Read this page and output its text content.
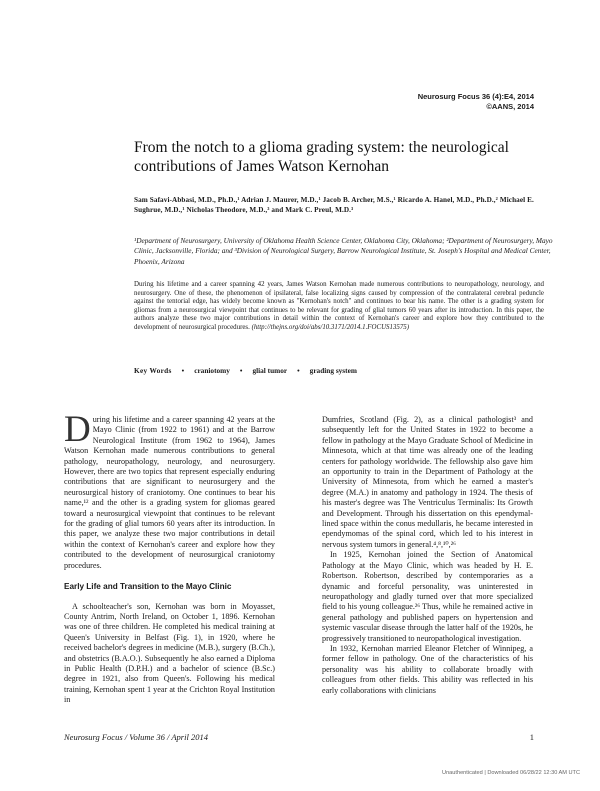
Neurosurg Focus 36 (4):E4, 2014
©AANS, 2014
From the notch to a glioma grading system: the neurological contributions of James Watson Kernohan
Sam Safavi-Abbasi, M.D., Ph.D.,¹ Adrian J. Maurer, M.D.,¹ Jacob B. Archer, M.S.,¹ Ricardo A. Hanel, M.D., Ph.D.,² Michael E. Sughrue, M.D.,¹ Nicholas Theodore, M.D.,³ and Mark C. Preul, M.D.³
¹Department of Neurosurgery, University of Oklahoma Health Science Center, Oklahoma City, Oklahoma; ²Department of Neurosurgery, Mayo Clinic, Jacksonville, Florida; and ³Division of Neurological Surgery, Barrow Neurological Institute, St. Joseph's Hospital and Medical Center, Phoenix, Arizona
During his lifetime and a career spanning 42 years, James Watson Kernohan made numerous contributions to neuropathology, neurology, and neurosurgery. One of these, the phenomenon of ipsilateral, false localizing signs caused by compression of the contralateral cerebral peduncle against the tentorial edge, has widely become known as "Kernohan's notch" and continues to bear his name. The other is a grading system for gliomas from a neurosurgical viewpoint that continues to be relevant for grading of glial tumors 60 years after its introduction. In this paper, the authors analyze these two major contributions in detail within the context of Kernohan's career and explore how they contributed to the development of neurosurgical procedures. (http://thejns.org/doi/abs/10.3171/2014.1.FOCUS13575)
Key Words • craniotomy • glial tumor • grading system

D uring his lifetime and a career spanning 42 years at the Mayo Clinic (from 1922 to 1961) and at the Barrow Neurological Institute (from 1962 to 1964), James Watson Kernohan made numerous contributions to general pathology, neuropathology, neurology, and neurosurgery. However, there are two topics that represent especially enduring contributions that are significant to neurosurgery and the neurosurgical history of craniotomy. One continues to bear his name,¹² and the other is a grading system for gliomas geared toward a neurosurgical viewpoint that continues to be relevant for the grading of glial tumors 60 years after its introduction. In this paper, we analyze these two major contributions in detail within the context of Kernohan's career and explore how they contributed to the development of neurosurgical craniotomy procedures.

Early Life and Transition to the Mayo Clinic

A schoolteacher's son, Kernohan was born in Moyasset, County Antrim, North Ireland, on October 1, 1896. Kernohan was one of three children. He completed his medical training at Queen's University in Belfast (Fig. 1), in 1920, where he received bachelor's degrees in medicine (M.B.), surgery (B.Ch.), and obstetrics (B.A.O.). Subsequently he also earned a Diploma in Public Health (D.P.H.) and a bachelor of science (B.Sc.) degree in 1921, also from Queen's. Following his medical training, Kernohan spent 1 year at the Crichton Royal Institution in

Dumfries, Scotland (Fig. 2), as a clinical pathologist³ and subsequently left for the United States in 1922 to become a fellow in pathology at the Mayo Graduate School of Medicine in Minnesota, which at that time was already one of the leading centers for pathology worldwide. The fellowship also gave him an opportunity to train in the Department of Pathology at the University of Minnesota, from which he earned a master's degree (M.A.) in anatomy and pathology in 1924. The thesis of his master's degree was The Ventriculus Terminalis: Its Growth and Development. Through his dissertation on this ependymal-lined space within the conus medullaris, he became interested in ependymomas of the spinal cord, which led to his interest in nervous system tumors in general.⁴,⁸,¹⁰,²⁶

In 1925, Kernohan joined the Section of Anatomical Pathology at the Mayo Clinic, which was headed by H. E. Robertson. Robertson, described by contemporaries as a dynamic and forceful personality, was uninterested in neuropathology and gladly turned over that more specialized field to his young colleague.²⁶ Thus, while he remained active in general pathology and published papers on hypertension and systemic vascular disease through the latter half of the 1920s, he progressively transitioned to neuropathological investigation.

In 1932, Kernohan married Eleanor Fletcher of Winnipeg, a former fellow in pathology. One of the characteristics of his personality was his ability to collaborate broadly with colleagues from other fields. This ability was reflected in his early collaborations with clinicians

Neurosurg Focus / Volume 36 / April 2014	1
Unauthenticated | Downloaded 06/28/22 12:30 AM UTC
